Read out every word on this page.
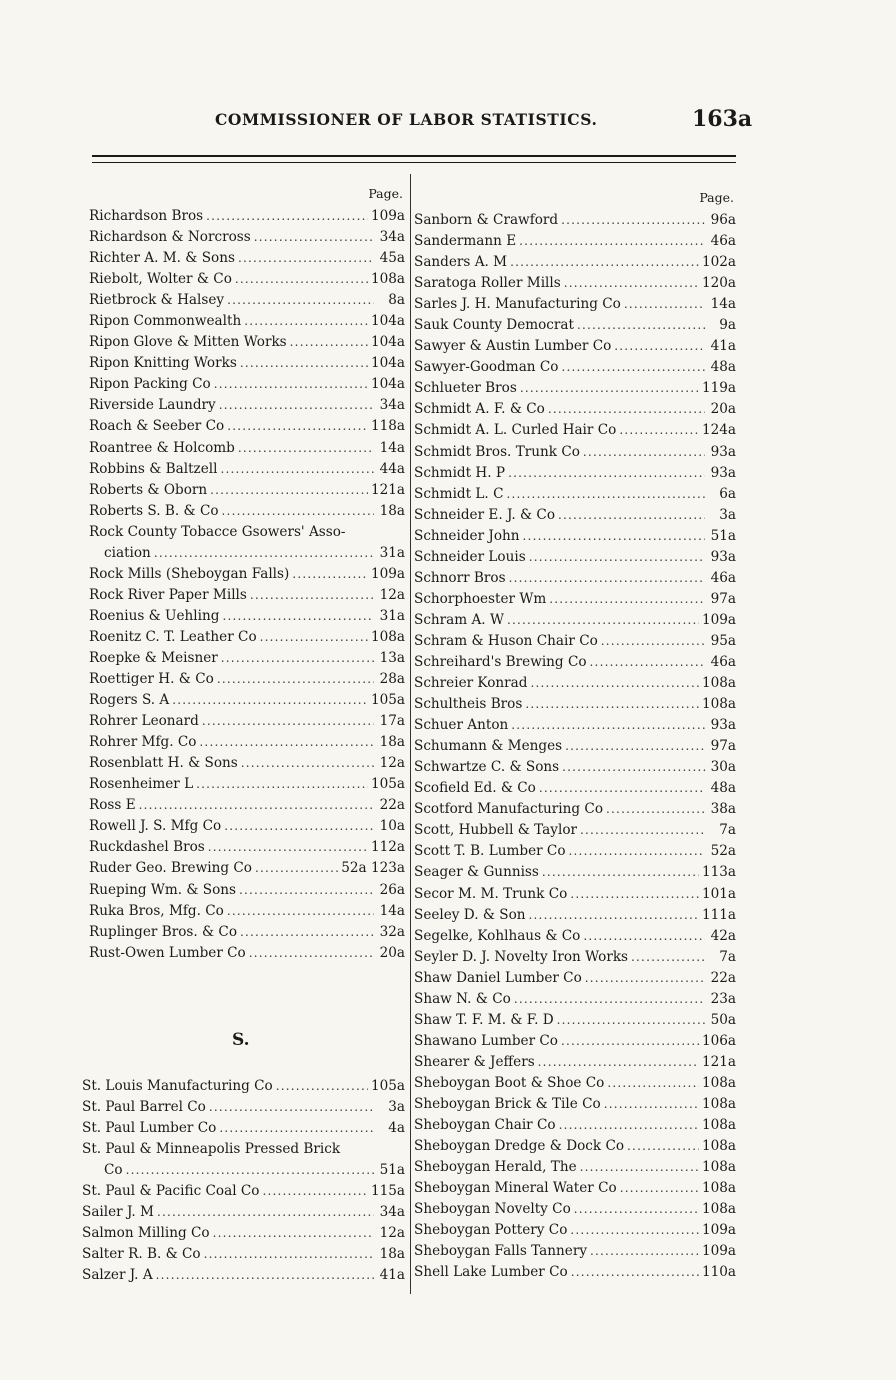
COMMISSIONER OF LABOR STATISTICS.	163a
Page.
Richardson Bros .....	109a
Richardson & Norcross .....	34a
Richter A. M. & Sons .....	45a
Riebolt, Wolter & Co .....	108a
Rietbrock & Halsey .....	8a
Ripon Commonwealth .....	104a
Ripon Glove & Mitten Works .....	104a
Ripon Knitting Works .....	104a
Ripon Packing Co .....	104a
Riverside Laundry .....	34a
Roach & Seeber Co .....	118a
Roantree & Holcomb .....	14a
Robbins & Baltzell .....	44a
Roberts & Oborn .....	121a
Roberts S. B. & Co .....	18a
Rock County Tobacce Gsowers' Asso-
ciation .....	31a
Rock Mills (Sheboygan Falls) .....	109a
Rock River Paper Mills .....	12a
Roenius & Uehling .....	31a
Roenitz C. T. Leather Co .....	108a
Roepke & Meisner .....	13a
Roettiger H. & Co .....	28a
Rogers S. A .....	105a
Rohrer Leonard .....	17a
Rohrer Mfg. Co .....	18a
Rosenblatt H. & Sons .....	12a
Rosenheimer L .....	105a
Ross E .....	22a
Rowell J. S. Mfg Co .....	10a
Ruckdashel Bros .....	112a
Ruder Geo. Brewing Co .....	52a 123a
Rueping Wm. & Sons .....	26a
Ruka Bros, Mfg. Co .....	14a
Ruplinger Bros. & Co .....	32a
Rust-Owen Lumber Co .....	20a
S.
St. Louis Manufacturing Co .....	105a
St. Paul Barrel Co .....	3a
St. Paul Lumber Co .....	4a
St. Paul & Minneapolis Pressed Brick
Co .....	51a
St. Paul & Pacific Coal Co .....	115a
Sailer J. M .....	34a
Salmon Milling Co .....	12a
Salter R. B. & Co .....	18a
Salzer J. A .....	41a
Page.
Sanborn & Crawford .....	96a
Sandermann E .....	46a
Sanders A. M .....	102a
Saratoga Roller Mills .....	120a
Sarles J. H. Manufacturing Co .....	14a
Sauk County Democrat .....	9a
Sawyer & Austin Lumber Co .....	41a
Sawyer-Goodman Co .....	48a
Schlueter Bros .....	119a
Schmidt A. F. & Co .....	20a
Schmidt A. L. Curled Hair Co .....	124a
Schmidt Bros. Trunk Co .....	93a
Schmidt H. P .....	93a
Schmidt L. C .....	6a
Schneider E. J. & Co .....	3a
Schneider John .....	51a
Schneider Louis .....	93a
Schnorr Bros .....	46a
Schorphoester Wm .....	97a
Schram A. W .....	109a
Schram & Huson Chair Co .....	95a
Schreihard's Brewing Co .....	46a
Schreier Konrad .....	108a
Schultheis Bros .....	108a
Schuer Anton .....	93a
Schumann & Menges .....	97a
Schwartze C. & Sons .....	30a
Scofield Ed. & Co .....	48a
Scotford Manufacturing Co .....	38a
Scott, Hubbell & Taylor .....	7a
Scott T. B. Lumber Co .....	52a
Seager & Gunniss .....	113a
Secor M. M. Trunk Co .....	101a
Seeley D. & Son .....	111a
Segelke, Kohlhaus & Co .....	42a
Seyler D. J. Novelty Iron Works .....	7a
Shaw Daniel Lumber Co .....	22a
Shaw N. & Co .....	23a
Shaw T. F. M. & F. D .....	50a
Shawano Lumber Co .....	106a
Shearer & Jeffers .....	121a
Sheboygan Boot & Shoe Co .....	108a
Sheboygan Brick & Tile Co .....	108a
Sheboygan Chair Co .....	108a
Sheboygan Dredge & Dock Co .....	108a
Sheboygan Herald, The .....	108a
Sheboygan Mineral Water Co .....	108a
Sheboygan Novelty Co .....	108a
Sheboygan Pottery Co .....	109a
Sheboygan Falls Tannery .....	109a
Shell Lake Lumber Co .....	110a
